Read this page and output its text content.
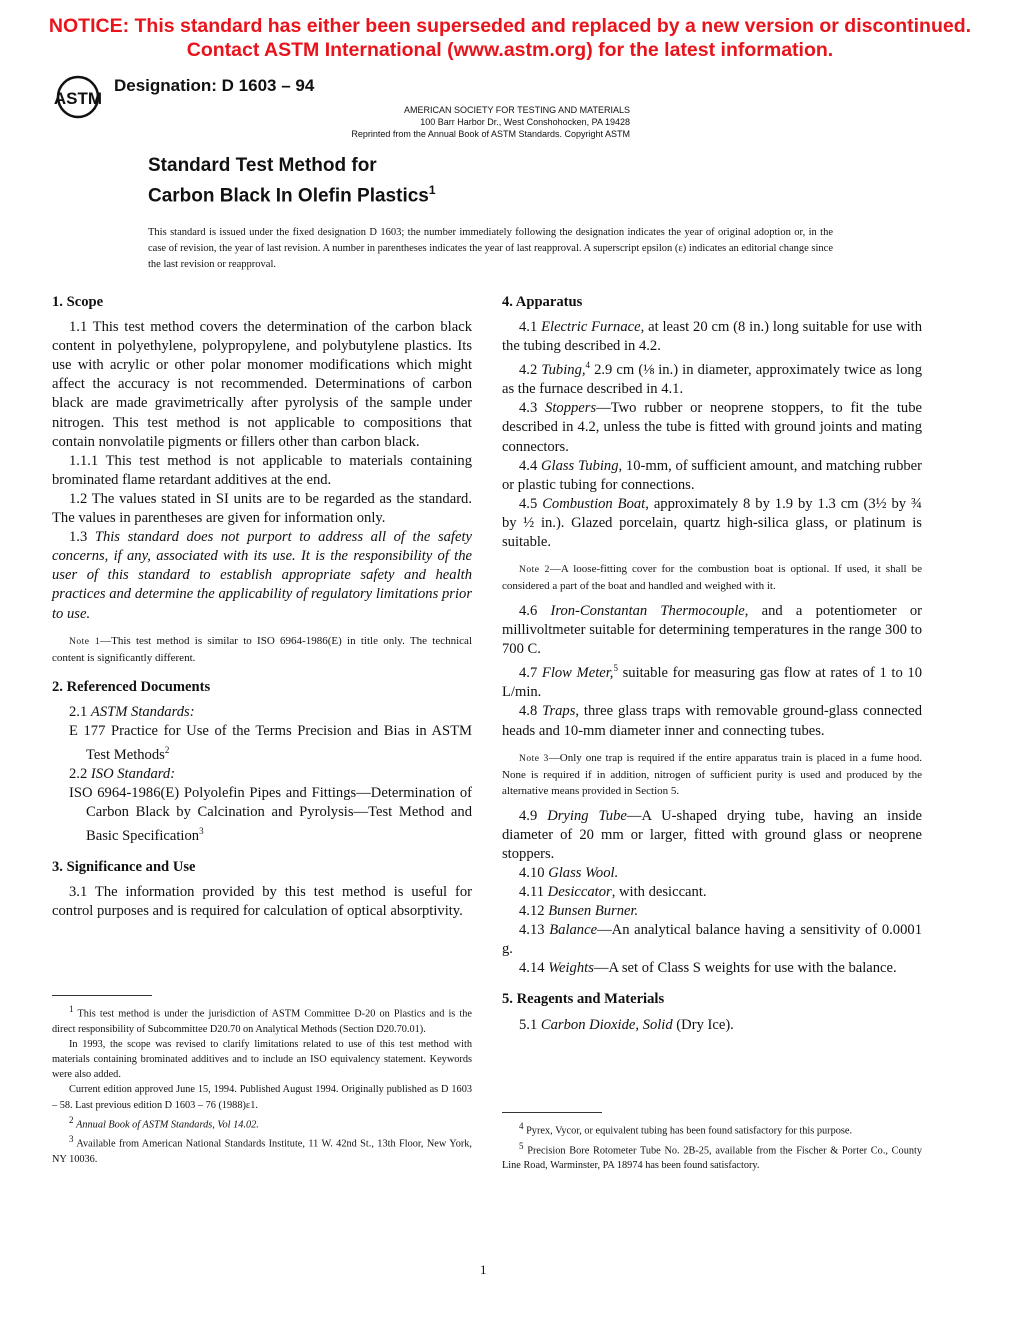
NOTICE: This standard has either been superseded and replaced by a new version or discontinued.
Contact ASTM International (www.astm.org) for the latest information.
ASTM
Designation: D 1603 – 94
AMERICAN SOCIETY FOR TESTING AND MATERIALS
100 Barr Harbor Dr., West Conshohocken, PA 19428
Reprinted from the Annual Book of ASTM Standards. Copyright ASTM
Standard Test Method for
Carbon Black In Olefin Plastics$^1$
This standard is issued under the fixed designation D 1603; the number immediately following the designation indicates the year of original adoption or, in the case of revision, the year of last revision. A number in parentheses indicates the year of last reapproval. A superscript epsilon (ε) indicates an editorial change since the last revision or reapproval.
1. Scope

1.1 This test method covers the determination of the carbon black content in polyethylene, polypropylene, and polybutylene plastics. Its use with acrylic or other polar monomer modifications which might affect the accuracy is not recommended. Determinations of carbon black are made gravimetrically after pyrolysis of the sample under nitrogen. This test method is not applicable to compositions that contain nonvolatile pigments or fillers other than carbon black.

1.1.1 This test method is not applicable to materials containing brominated flame retardant additives at the end.

1.2 The values stated in SI units are to be regarded as the standard. The values in parentheses are given for information only.

1.3 This standard does not purport to address all of the safety concerns, if any, associated with its use. It is the responsibility of the user of this standard to establish appropriate safety and health practices and determine the applicability of regulatory limitations prior to use.

Note 1—This test method is similar to ISO 6964-1986(E) in title only. The technical content is significantly different.

2. Referenced Documents

2.1 ASTM Standards:

E 177 Practice for Use of the Terms Precision and Bias in ASTM Test Methods$^2$

2.2 ISO Standard:

ISO 6964-1986(E) Polyolefin Pipes and Fittings—Determination of Carbon Black by Calcination and Pyrolysis—Test Method and Basic Specification$^3$

3. Significance and Use

3.1 The information provided by this test method is useful for control purposes and is required for calculation of optical absorptivity.

$^1$ This test method is under the jurisdiction of ASTM Committee D-20 on Plastics and is the direct responsibility of Subcommittee D20.70 on Analytical Methods (Section D20.70.01).

In 1993, the scope was revised to clarify limitations related to use of this test method with materials containing brominated additives and to include an ISO equivalency statement. Keywords were also added.

Current edition approved June 15, 1994. Published August 1994. Originally published as D 1603 – 58. Last previous edition D 1603 – 76 (1988)ε1.

$^2$ Annual Book of ASTM Standards, Vol 14.02.

$^3$ Available from American National Standards Institute, 11 W. 42nd St., 13th Floor, New York, NY 10036.

4. Apparatus

4.1 Electric Furnace, at least 20 cm (8 in.) long suitable for use with the tubing described in 4.2.

4.2 Tubing,$^4$ 2.9 cm (⅛ in.) in diameter, approximately twice as long as the furnace described in 4.1.

4.3 Stoppers—Two rubber or neoprene stoppers, to fit the tube described in 4.2, unless the tube is fitted with ground joints and mating connectors.

4.4 Glass Tubing, 10-mm, of sufficient amount, and matching rubber or plastic tubing for connections.

4.5 Combustion Boat, approximately 8 by 1.9 by 1.3 cm (3½ by ¾ by ½ in.). Glazed porcelain, quartz high-silica glass, or platinum is suitable.

Note 2—A loose-fitting cover for the combustion boat is optional. If used, it shall be considered a part of the boat and handled and weighed with it.

4.6 Iron-Constantan Thermocouple, and a potentiometer or millivoltmeter suitable for determining temperatures in the range 300 to 700 C.

4.7 Flow Meter,$^5$ suitable for measuring gas flow at rates of 1 to 10 L/min.

4.8 Traps, three glass traps with removable ground-glass connected heads and 10-mm diameter inner and connecting tubes.

Note 3—Only one trap is required if the entire apparatus train is placed in a fume hood. None is required if in addition, nitrogen of sufficient purity is used and produced by the alternative means provided in Section 5.

4.9 Drying Tube—A U-shaped drying tube, having an inside diameter of 20 mm or larger, fitted with ground glass or neoprene stoppers.

4.10 Glass Wool.

4.11 Desiccator, with desiccant.

4.12 Bunsen Burner.

4.13 Balance—An analytical balance having a sensitivity of 0.0001 g.

4.14 Weights—A set of Class S weights for use with the balance.

5. Reagents and Materials

5.1 Carbon Dioxide, Solid (Dry Ice).

$^4$ Pyrex, Vycor, or equivalent tubing has been found satisfactory for this purpose.

$^5$ Precision Bore Rotometer Tube No. 2B-25, available from the Fischer & Porter Co., County Line Road, Warminster, PA 18974 has been found satisfactory.

1
